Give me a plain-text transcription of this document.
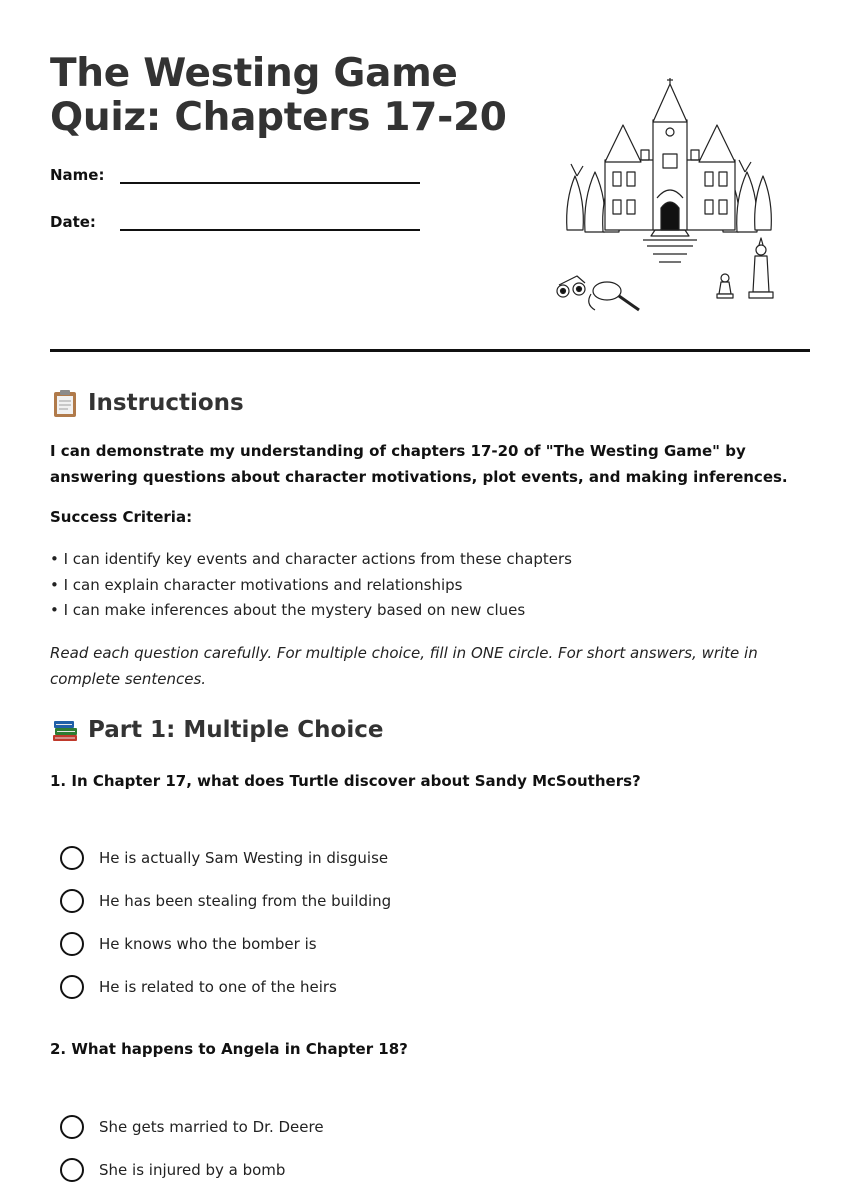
The Westing Game
Quiz: Chapters 17-20
Name:
Date:
Instructions

I can demonstrate my understanding of chapters 17-20 of "The Westing Game" by answering questions about character motivations, plot events, and making inferences.

Success Criteria:

• I can identify key events and character actions from these chapters
• I can explain character motivations and relationships
• I can make inferences about the mystery based on new clues

Read each question carefully. For multiple choice, fill in ONE circle. For short answers, write in complete sentences.

Part 1: Multiple Choice

1. In Chapter 17, what does Turtle discover about Sandy McSouthers?

He is actually Sam Westing in disguise
He has been stealing from the building
He knows who the bomber is
He is related to one of the heirs

2. What happens to Angela in Chapter 18?

She gets married to Dr. Deere
She is injured by a bomb
